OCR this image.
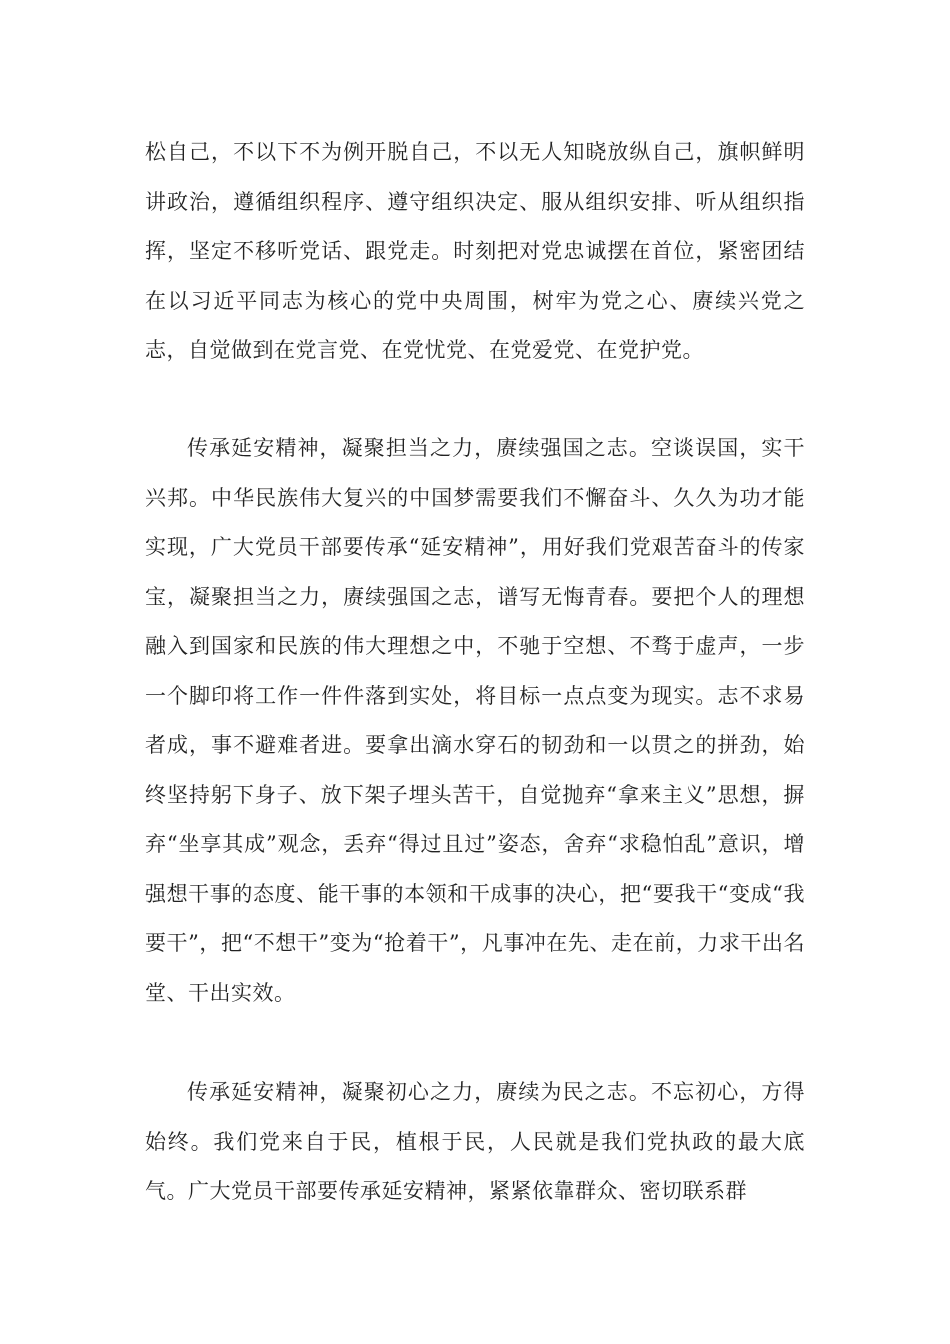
松自己，不以下不为例开脱自己，不以无人知晓放纵自己，旗帜鲜明讲政治，遵循组织程序、遵守组织决定、服从组织安排、听从组织指挥，坚定不移听党话、跟党走。时刻把对党忠诚摆在首位，紧密团结在以习近平同志为核心的党中央周围，树牢为党之心、赓续兴党之志，自觉做到在党言党、在党忧党、在党爱党、在党护党。

传承延安精神，凝聚担当之力，赓续强国之志。空谈误国，实干兴邦。中华民族伟大复兴的中国梦需要我们不懈奋斗、久久为功才能实现，广大党员干部要传承“延安精神”，用好我们党艰苦奋斗的传家宝，凝聚担当之力，赓续强国之志，谱写无悔青春。要把个人的理想融入到国家和民族的伟大理想之中，不驰于空想、不骛于虚声，一步一个脚印将工作一件件落到实处，将目标一点点变为现实。志不求易者成，事不避难者进。要拿出滴水穿石的韧劲和一以贯之的拼劲，始终坚持躬下身子、放下架子埋头苦干，自觉抛弃“拿来主义”思想，摒弃“坐享其成”观念，丢弃“得过且过”姿态，舍弃“求稳怕乱”意识，增强想干事的态度、能干事的本领和干成事的决心，把“要我干“变成“我要干”，把“不想干”变为“抢着干”，凡事冲在先、走在前，力求干出名堂、干出实效。

传承延安精神，凝聚初心之力，赓续为民之志。不忘初心，方得始终。我们党来自于民，植根于民，人民就是我们党执政的最大底气。广大党员干部要传承延安精神，紧紧依靠群众、密切联系群
